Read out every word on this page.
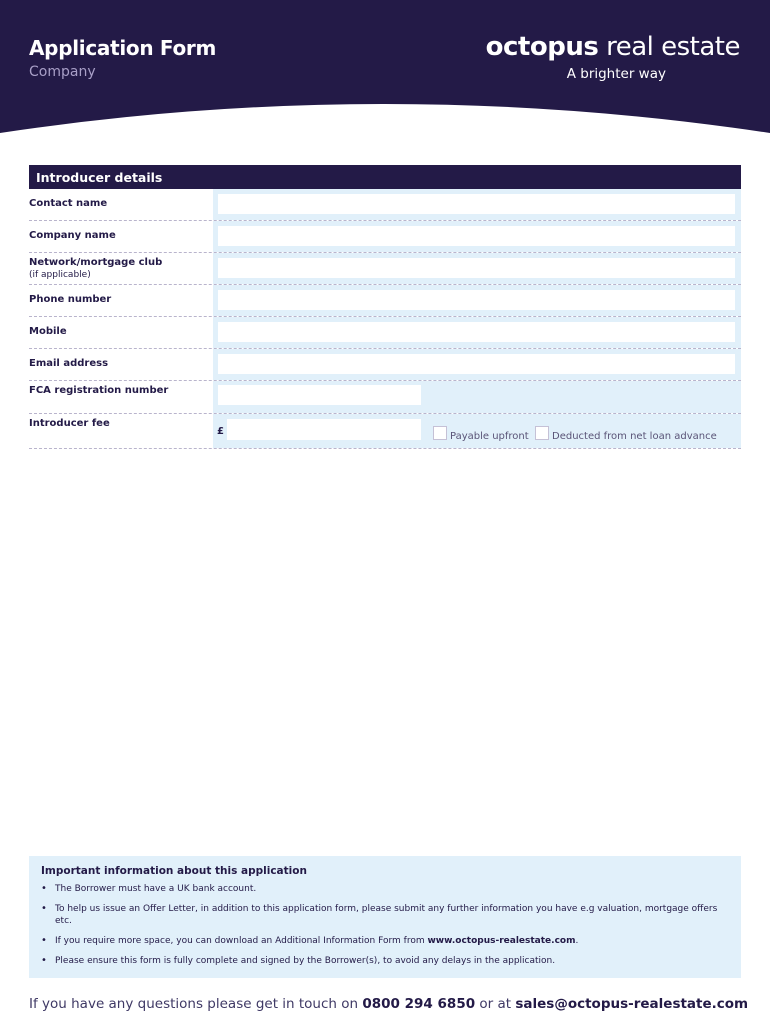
Application Form
Company
octopus real estate
A brighter way
Introducer details
Contact name
Company name
Network/mortgage club
(if applicable)
Phone number
Mobile
Email address
FCA registration number
Introducer fee
£	Payable upfront Deducted from net loan advance
Important information about this application
• The Borrower must have a UK bank account.
• To help us issue an Offer Letter, in addition to this application form, please submit any further information you have e.g valuation, mortgage offers etc.
• If you require more space, you can download an Additional Information Form from www.octopus-realestate.com.
• Please ensure this form is fully complete and signed by the Borrower(s), to avoid any delays in the application.
If you have any questions please get in touch on 0800 294 6850 or at sales@octopus-realestate.com
